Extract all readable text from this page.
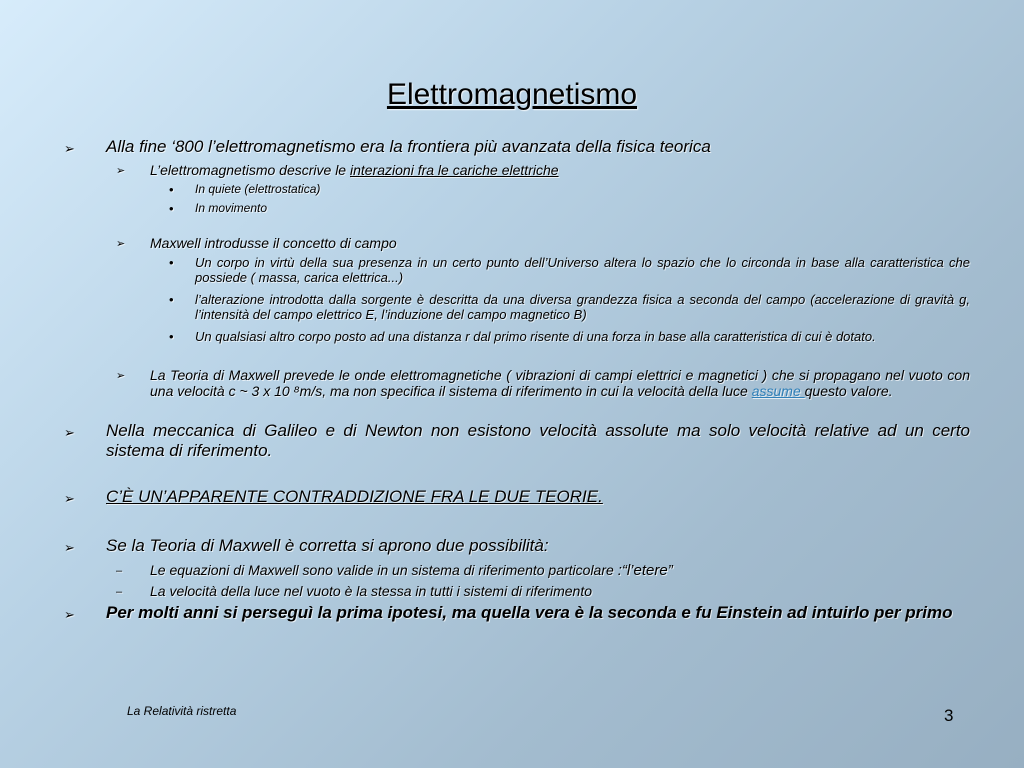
Elettromagnetismo
➢	Alla fine ‘800 l’elettromagnetismo era la frontiera più avanzata della fisica teorica
➢	L’elettromagnetismo descrive le interazioni fra le cariche elettriche
•	In quiete (elettrostatica)
•	In movimento
➢	Maxwell introdusse il concetto di campo
•	Un corpo in virtù della sua presenza in un certo punto dell’Universo altera lo spazio che lo circonda in base alla caratteristica che possiede ( massa, carica elettrica...)
•	l’alterazione introdotta dalla sorgente è descritta da una diversa grandezza fisica a seconda del campo (accelerazione di gravità g, l’intensità del campo elettrico E, l’induzione del campo magnetico B)
•	Un qualsiasi altro corpo posto ad una distanza r dal primo risente di una forza in base alla caratteristica di cui è dotato.
➢	La Teoria di Maxwell prevede le onde elettromagnetiche ( vibrazioni di campi elettrici e magnetici ) che si propagano nel vuoto con una velocità c ~ 3 x 10 ⁸m/s, ma non specifica il sistema di riferimento in cui la velocità della luce assume questo valore.
➢	Nella meccanica di Galileo e di Newton non esistono velocità assolute ma solo velocità relative ad un certo sistema di riferimento.
➢	C’È UN’APPARENTE CONTRADDIZIONE FRA LE DUE TEORIE.
➢	Se la Teoria di Maxwell è corretta si aprono due possibilità:
–	Le equazioni di Maxwell sono valide in un sistema di riferimento particolare :“l’etere”
–	La velocità della luce nel vuoto è la stessa in tutti i sistemi di riferimento
➢	Per molti anni si perseguì la prima ipotesi, ma quella vera è la seconda e fu Einstein ad intuirlo per primo
La Relatività ristretta	3
